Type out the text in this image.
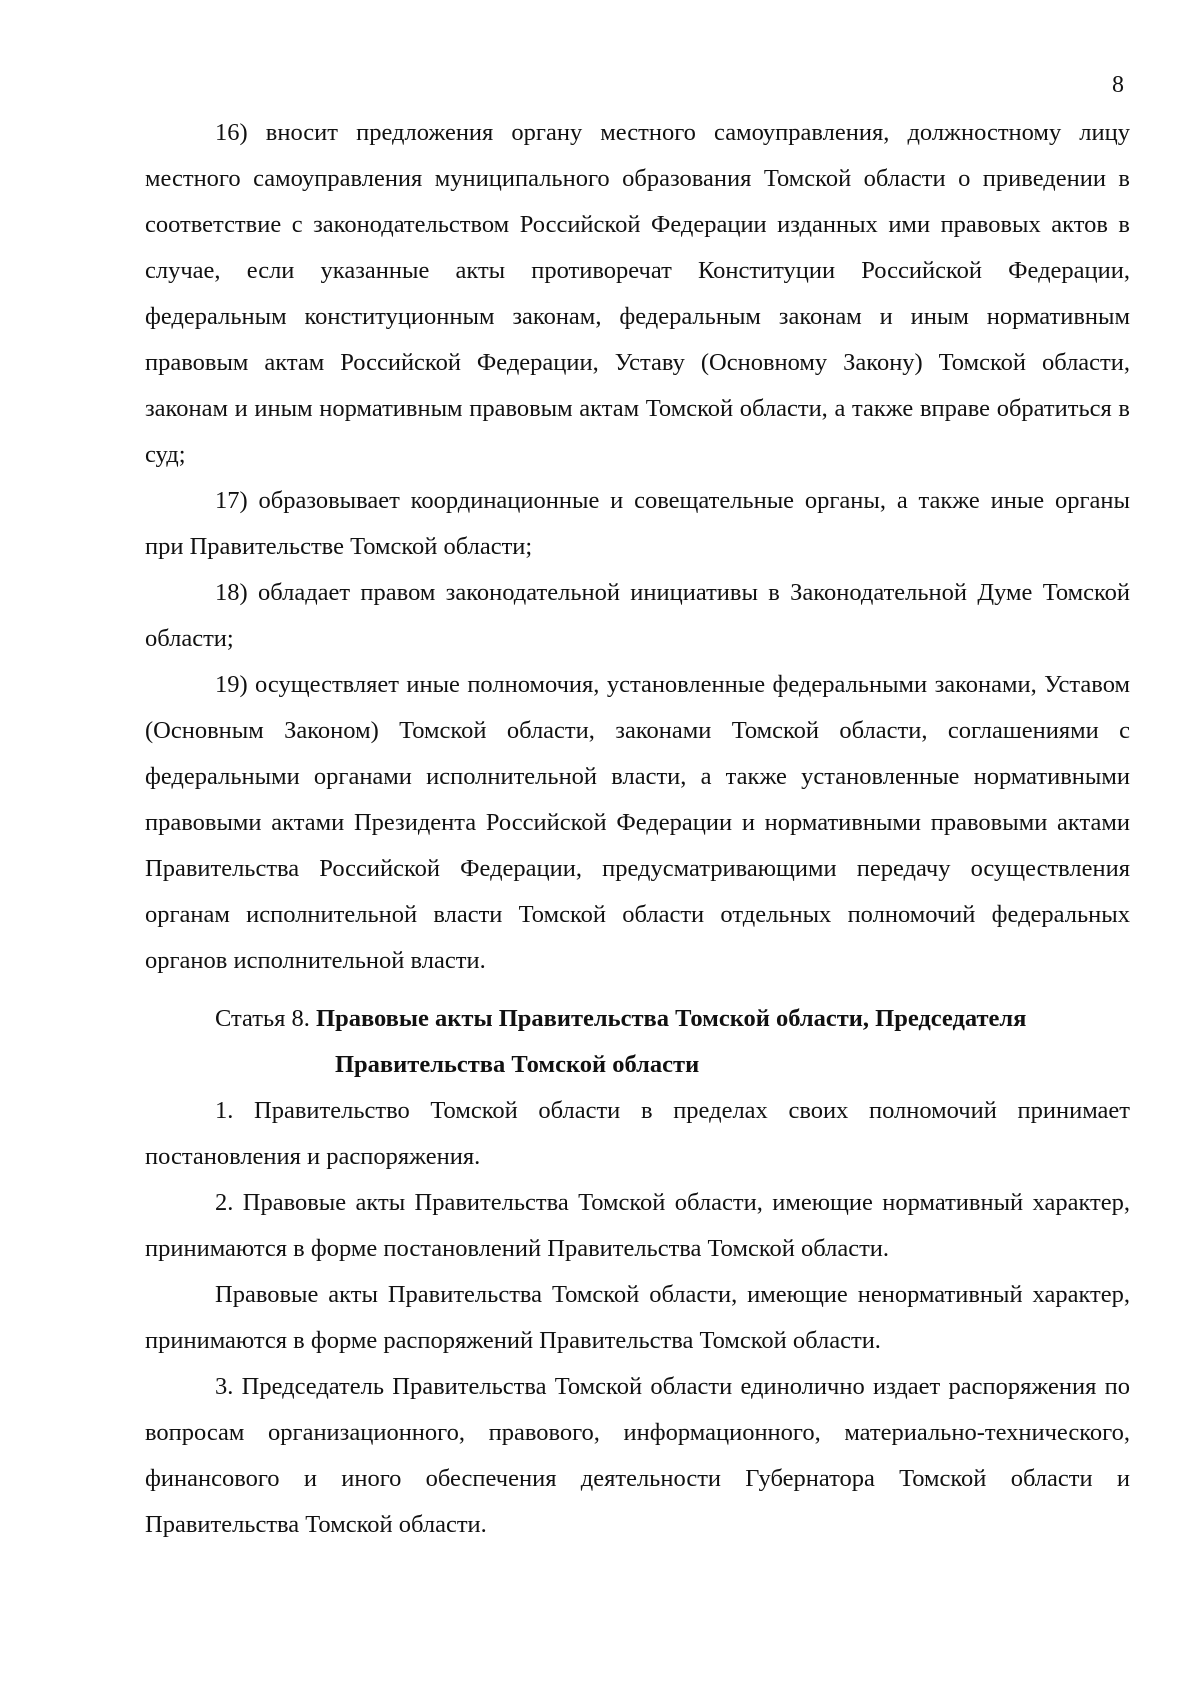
8

16) вносит предложения органу местного самоуправления, должностному лицу местного самоуправления муниципального образования Томской области о приведении в соответствие с законодательством Российской Федерации изданных ими правовых актов в случае, если указанные акты противоречат Конституции Российской Федерации, федеральным конституционным законам, федеральным законам и иным нормативным правовым актам Российской Федерации, Уставу (Основному Закону) Томской области, законам и иным нормативным правовым актам Томской области, а также вправе обратиться в суд;

17) образовывает координационные и совещательные органы, а также иные органы при Правительстве Томской области;

18) обладает правом законодательной инициативы в Законодательной Думе Томской области;

19) осуществляет иные полномочия, установленные федеральными законами, Уставом (Основным Законом) Томской области, законами Томской области, соглашениями с федеральными органами исполнительной власти, а также установленные нормативными правовыми актами Президента Российской Федерации и нормативными правовыми актами Правительства Российской Федерации, предусматривающими передачу осуществления органам исполнительной власти Томской области отдельных полномочий федеральных органов исполнительной власти.

Статья 8. Правовые акты Правительства Томской области, Председателя
Правительства Томской области

1. Правительство Томской области в пределах своих полномочий принимает постановления и распоряжения.

2. Правовые акты Правительства Томской области, имеющие нормативный характер, принимаются в форме постановлений Правительства Томской области.

Правовые акты Правительства Томской области, имеющие ненормативный характер, принимаются в форме распоряжений Правительства Томской области.

3. Председатель Правительства Томской области единолично издает распоряжения по вопросам организационного, правового, информационного, материально-технического, финансового и иного обеспечения деятельности Губернатора Томской области и Правительства Томской области.
